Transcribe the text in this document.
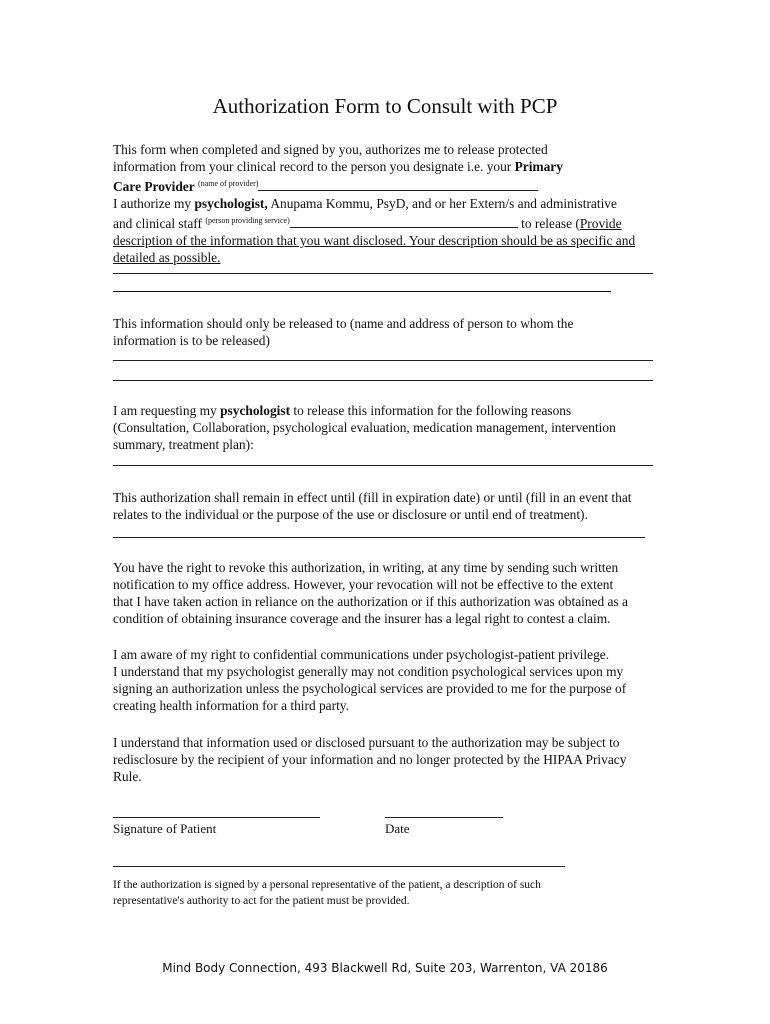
Authorization Form to Consult with PCP
This form when completed and signed by you, authorizes me to release protected
information from your clinical record to the person you designate i.e. your Primary
Care Provider $^{(name of provider)}$
I authorize my psychologist, Anupama Kommu, PsyD, and or her Extern/s and administrative
and clinical staff $^{(person providing service)}$	to release (Provide
description of the information that you want disclosed. Your description should be as specific and
detailed as possible.
This information should only be released to (name and address of person to whom the
information is to be released)
I am requesting my psychologist to release this information for the following reasons
(Consultation, Collaboration, psychological evaluation, medication management, intervention
summary, treatment plan):
This authorization shall remain in effect until (fill in expiration date) or until (fill in an event that
relates to the individual or the purpose of the use or disclosure or until end of treatment).
You have the right to revoke this authorization, in writing, at any time by sending such written
notification to my office address. However, your revocation will not be effective to the extent
that I have taken action in reliance on the authorization or if this authorization was obtained as a
condition of obtaining insurance coverage and the insurer has a legal right to contest a claim.
I am aware of my right to confidential communications under psychologist-patient privilege.
I understand that my psychologist generally may not condition psychological services upon my
signing an authorization unless the psychological services are provided to me for the purpose of
creating health information for a third party.
I understand that information used or disclosed pursuant to the authorization may be subject to
redisclosure by the recipient of your information and no longer protected by the HIPAA Privacy
Rule.
Signature of Patient	Date
If the authorization is signed by a personal representative of the patient, a description of such
representative's authority to act for the patient must be provided.
Mind Body Connection, 493 Blackwell Rd, Suite 203, Warrenton, VA 20186
